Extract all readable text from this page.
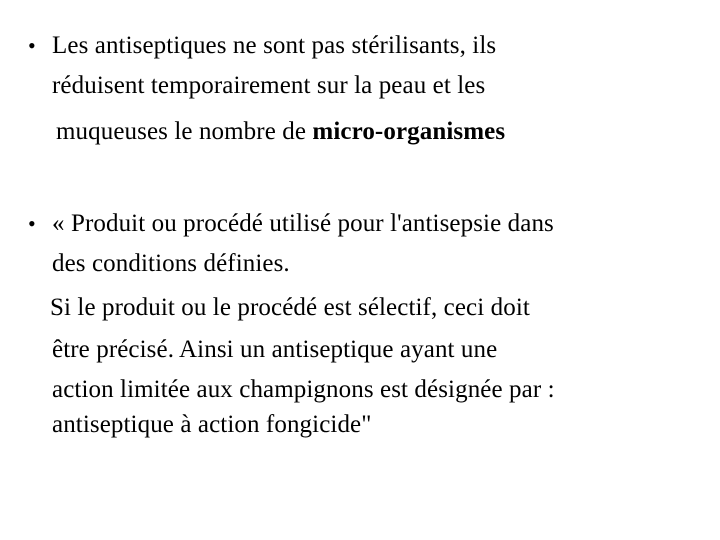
• Les antiseptiques ne sont pas stérilisants, ils
réduisent temporairement sur la peau et les
muqueuses le nombre de micro-organismes
• « Produit ou procédé utilisé pour l'antisepsie dans
des conditions définies.
Si le produit ou le procédé est sélectif, ceci doit
être précisé. Ainsi un antiseptique ayant une
action limitée aux champignons est désignée par :
antiseptique à action fongicide"
